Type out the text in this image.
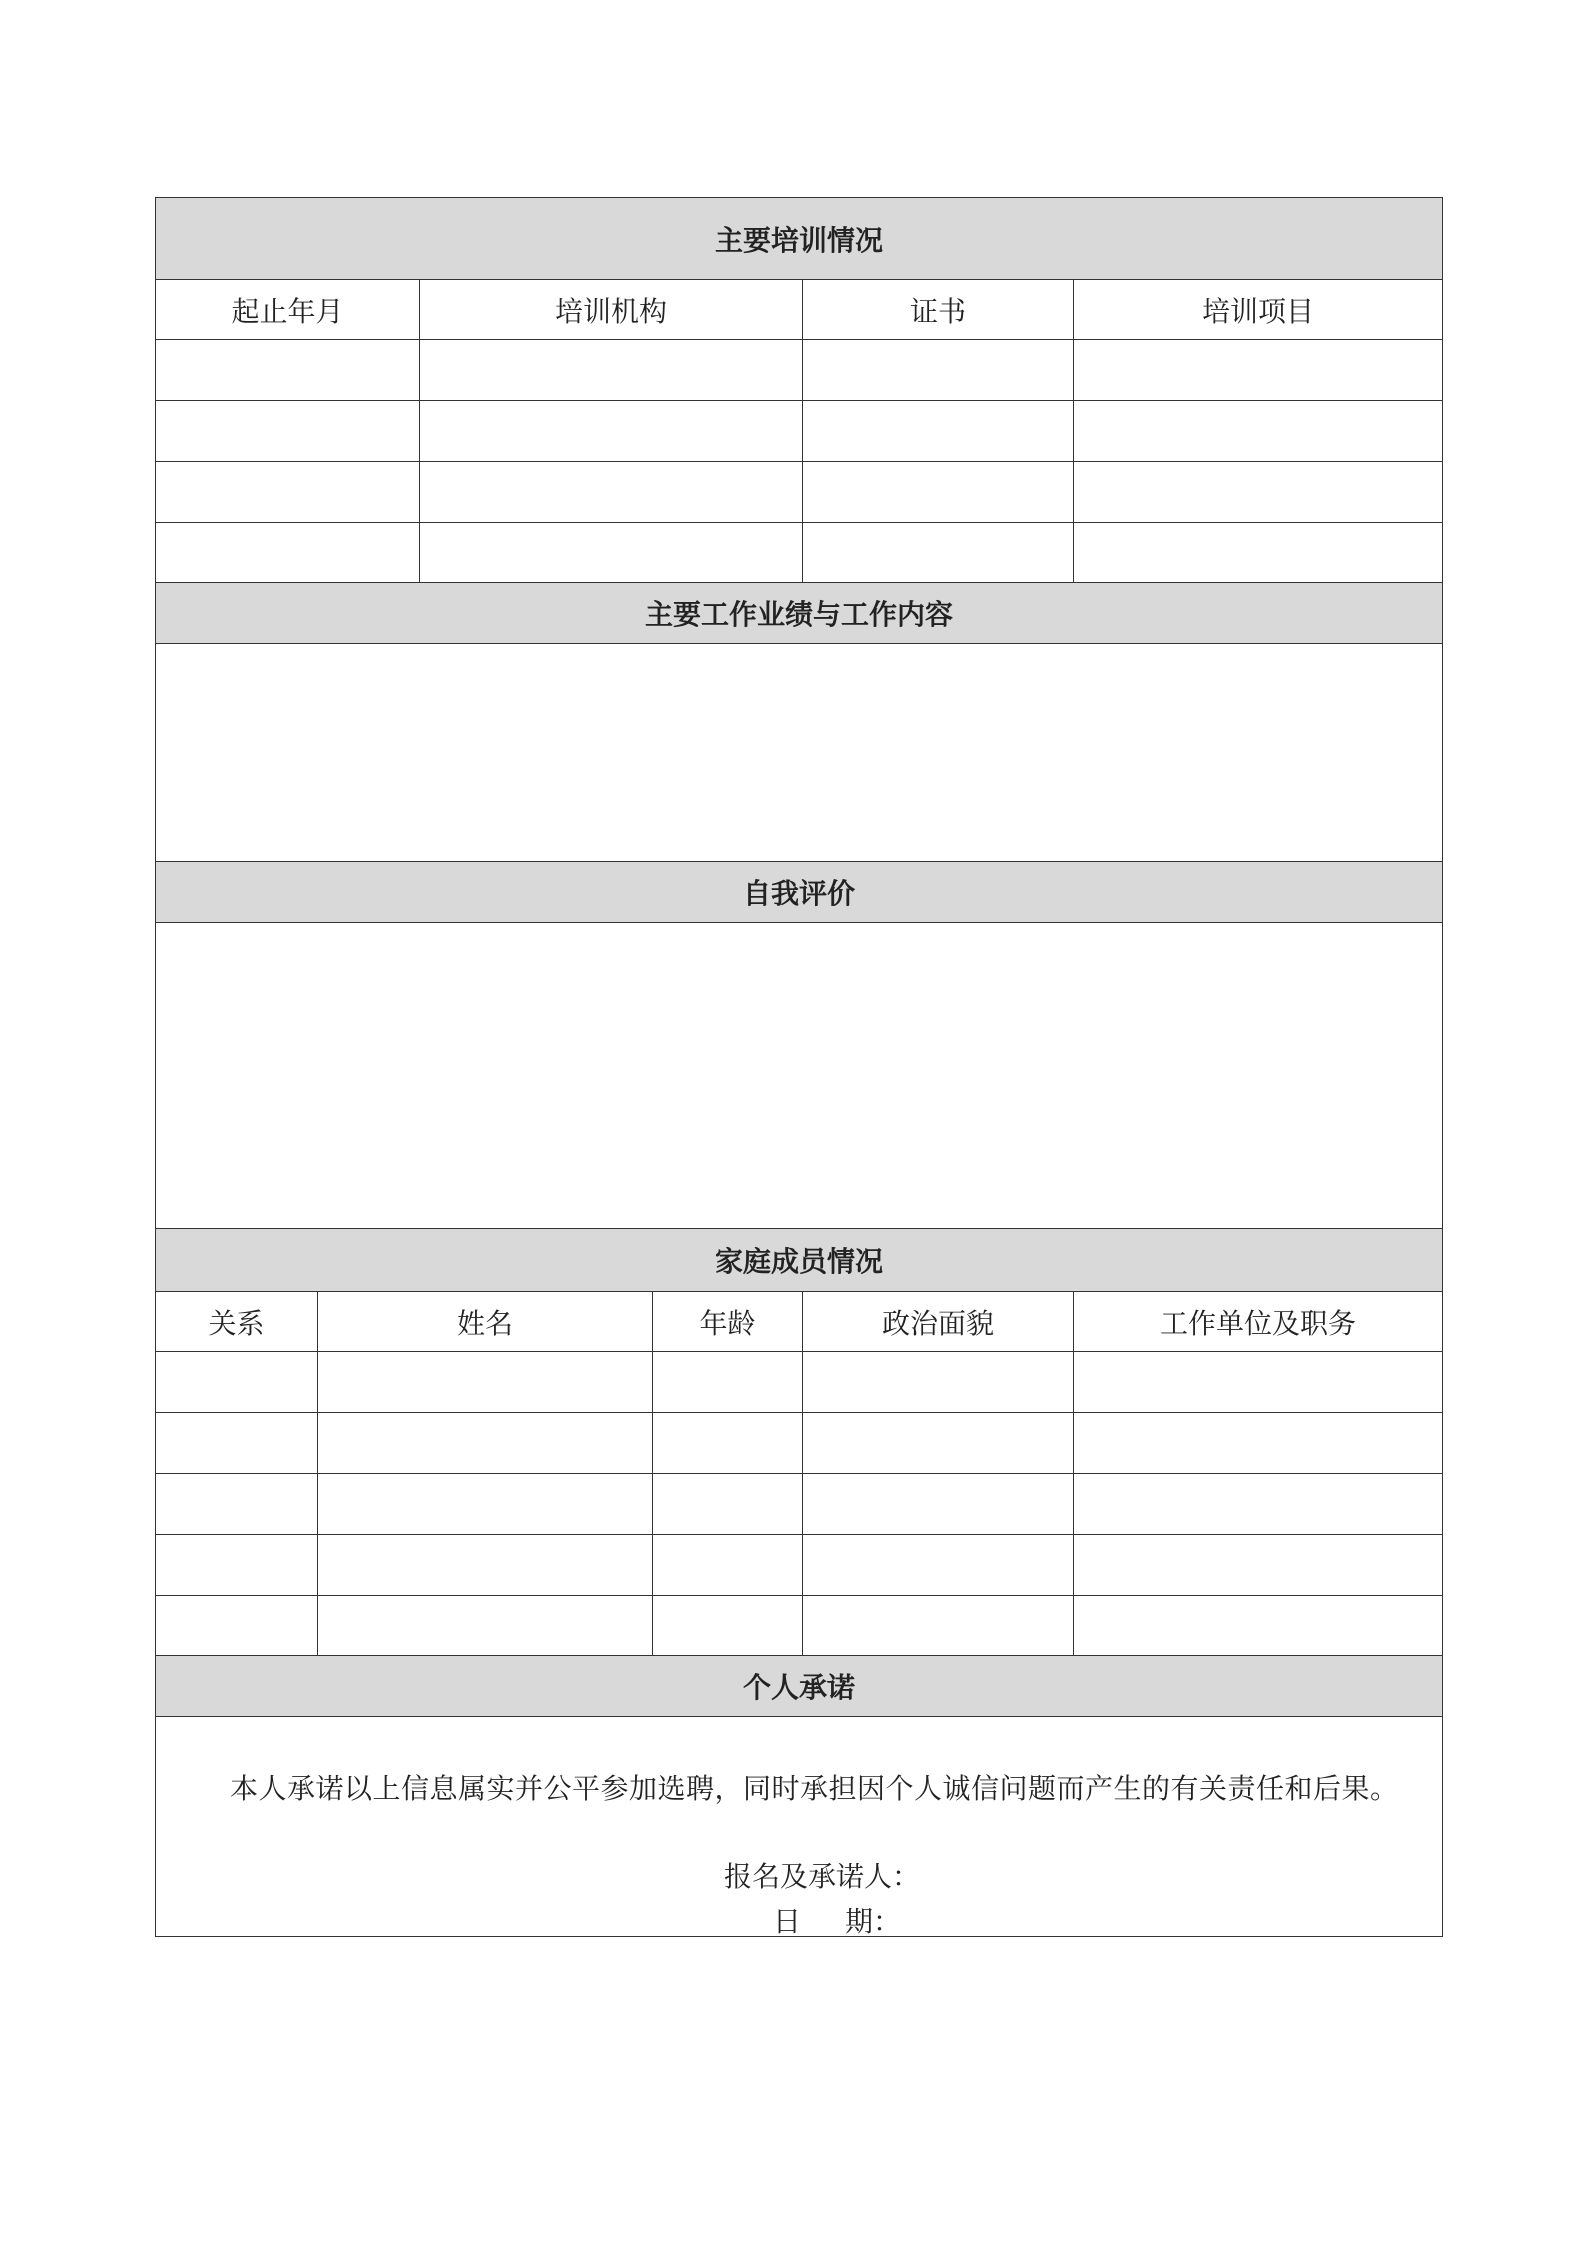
主要培训情况					
起止年月		培训机构		证书	培训项目

主要工作业绩与工作内容					

自我评价					

家庭成员情况					
关系	姓名		年龄	政治面貌	工作单位及职务

个人承诺					

本人承诺以上信息属实并公平参加选聘，同时承担因个人诚信问题而产生的有关责任和后果。
报名及承诺人：
日 期：					
